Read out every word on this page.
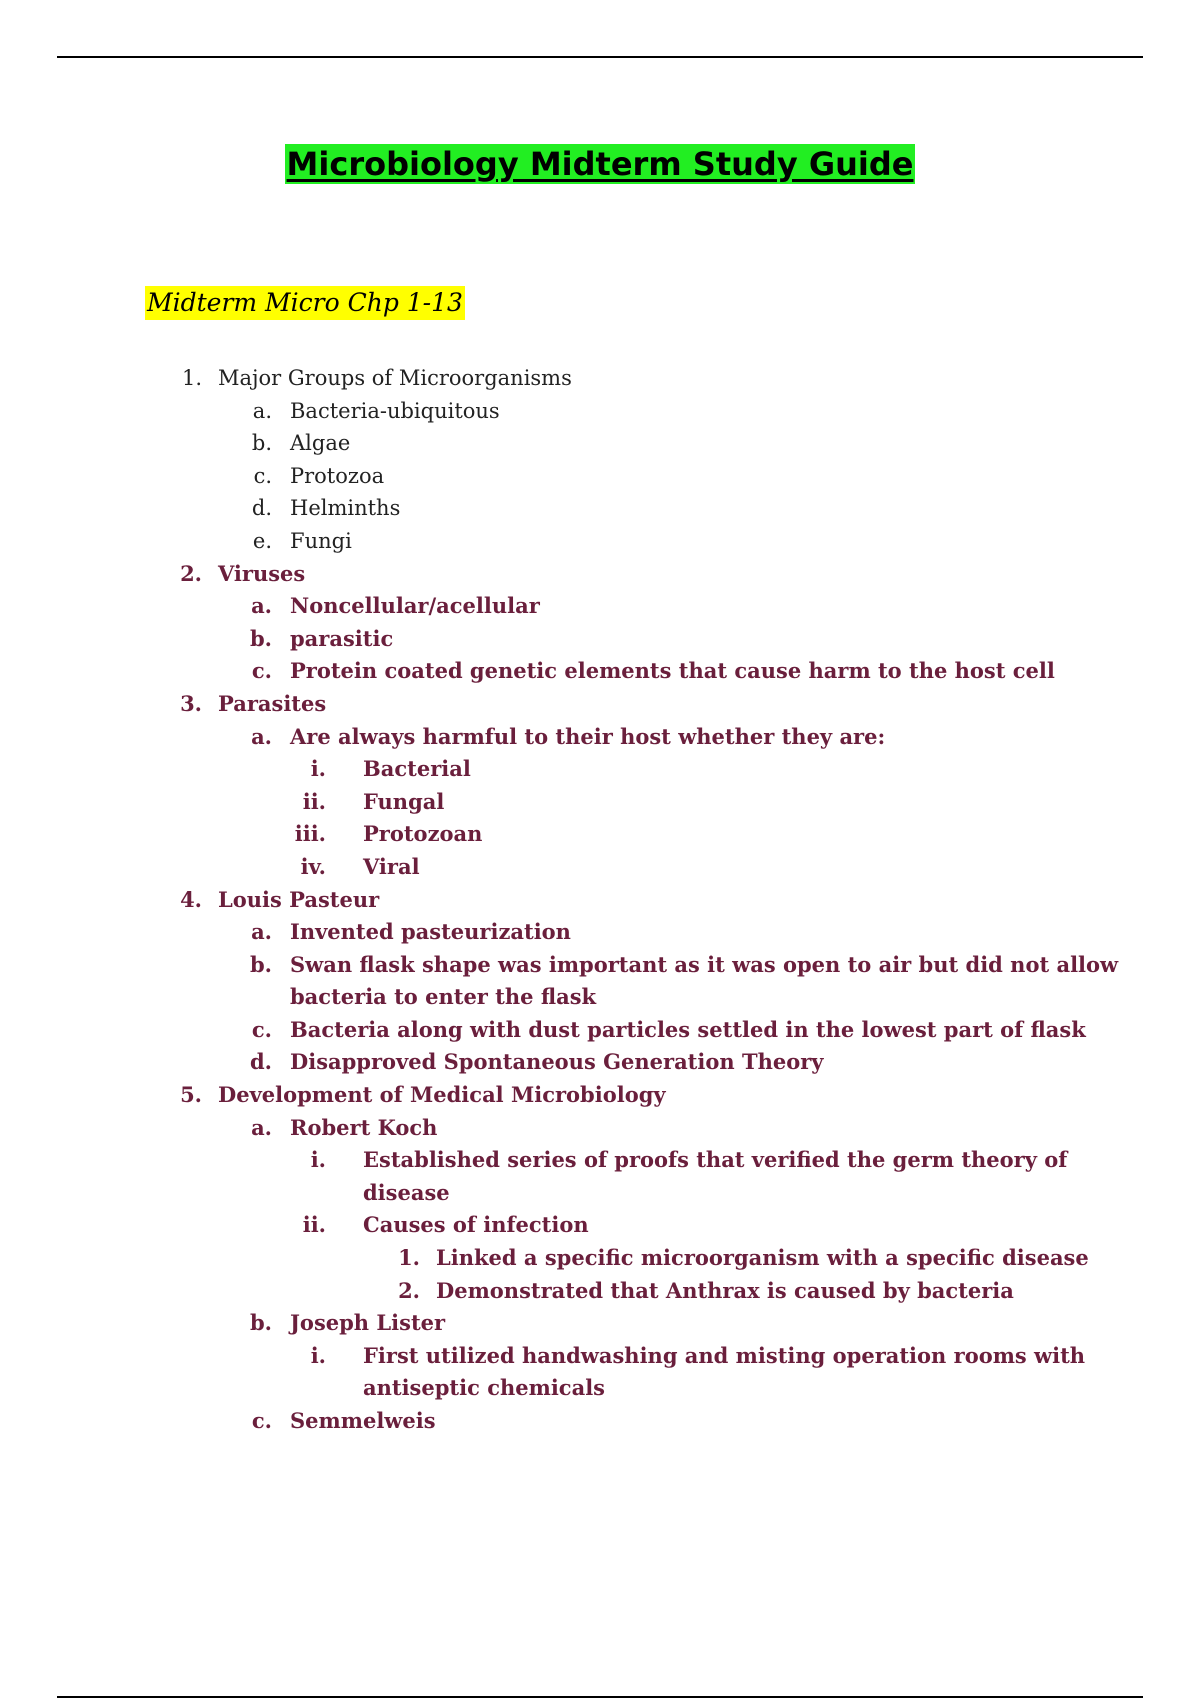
Microbiology Midterm Study Guide
Midterm Micro Chp 1-13
1. Major Groups of Microorganisms
a. Bacteria-ubiquitous
b. Algae
c. Protozoa
d. Helminths
e. Fungi
2. Viruses
a. Noncellular/acellular
b. parasitic
c. Protein coated genetic elements that cause harm to the host cell
3. Parasites
a. Are always harmful to their host whether they are:
i. Bacterial
ii. Fungal
iii. Protozoan
iv. Viral
4. Louis Pasteur
a. Invented pasteurization
b. Swan flask shape was important as it was open to air but did not allow
bacteria to enter the flask
c. Bacteria along with dust particles settled in the lowest part of flask
d. Disapproved Spontaneous Generation Theory
5. Development of Medical Microbiology
a. Robert Koch
i. Established series of proofs that verified the germ theory of
disease
ii. Causes of infection
1. Linked a specific microorganism with a specific disease
2. Demonstrated that Anthrax is caused by bacteria
b. Joseph Lister
i. First utilized handwashing and misting operation rooms with
antiseptic chemicals
c. Semmelweis
